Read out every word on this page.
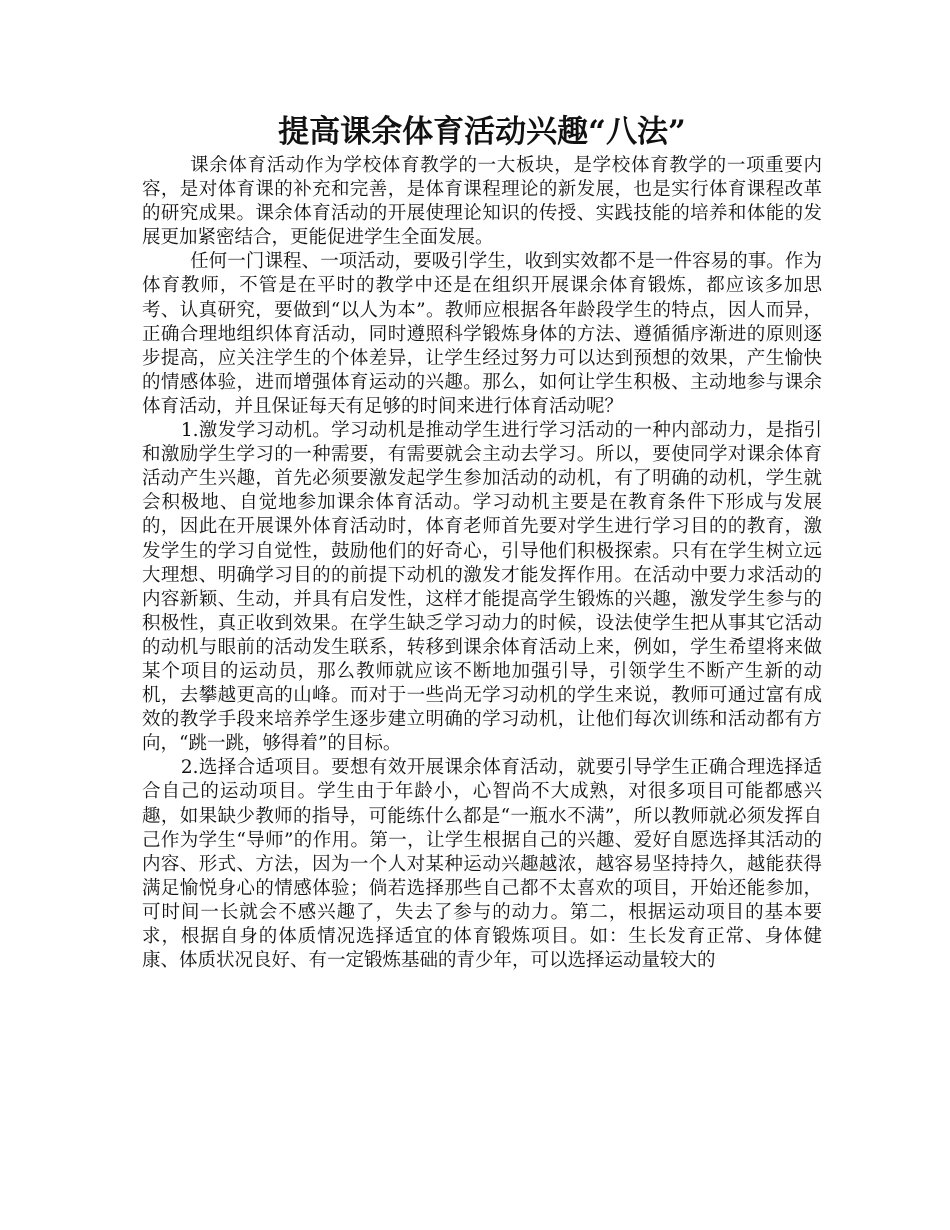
提高课余体育活动兴趣“八法”

课余体育活动作为学校体育教学的一大板块，是学校体育教学的一项重要内容，是对体育课的补充和完善，是体育课程理论的新发展，也是实行体育课程改革的研究成果。课余体育活动的开展使理论知识的传授、实践技能的培养和体能的发展更加紧密结合，更能促进学生全面发展。

任何一门课程、一项活动，要吸引学生，收到实效都不是一件容易的事。作为体育教师，不管是在平时的教学中还是在组织开展课余体育锻炼，都应该多加思考、认真研究，要做到“以人为本”。教师应根据各年龄段学生的特点，因人而异，正确合理地组织体育活动，同时遵照科学锻炼身体的方法、遵循循序渐进的原则逐步提高，应关注学生的个体差异，让学生经过努力可以达到预想的效果，产生愉快的情感体验，进而增强体育运动的兴趣。那么，如何让学生积极、主动地参与课余体育活动，并且保证每天有足够的时间来进行体育活动呢？

1.激发学习动机。学习动机是推动学生进行学习活动的一种内部动力，是指引和激励学生学习的一种需要，有需要就会主动去学习。所以，要使同学对课余体育活动产生兴趣，首先必须要激发起学生参加活动的动机，有了明确的动机，学生就会积极地、自觉地参加课余体育活动。学习动机主要是在教育条件下形成与发展的，因此在开展课外体育活动时，体育老师首先要对学生进行学习目的的教育，激发学生的学习自觉性，鼓励他们的好奇心，引导他们积极探索。只有在学生树立远大理想、明确学习目的的前提下动机的激发才能发挥作用。在活动中要力求活动的内容新颖、生动，并具有启发性，这样才能提高学生锻炼的兴趣，激发学生参与的积极性，真正收到效果。在学生缺乏学习动力的时候，设法使学生把从事其它活动的动机与眼前的活动发生联系，转移到课余体育活动上来，例如，学生希望将来做某个项目的运动员，那么教师就应该不断地加强引导，引领学生不断产生新的动机，去攀越更高的山峰。而对于一些尚无学习动机的学生来说，教师可通过富有成效的教学手段来培养学生逐步建立明确的学习动机，让他们每次训练和活动都有方向，“跳一跳，够得着”的目标。

2.选择合适项目。要想有效开展课余体育活动，就要引导学生正确合理选择适合自己的运动项目。学生由于年龄小，心智尚不大成熟，对很多项目可能都感兴趣，如果缺少教师的指导，可能练什么都是“一瓶水不满”，所以教师就必须发挥自己作为学生“导师”的作用。第一，让学生根据自己的兴趣、爱好自愿选择其活动的内容、形式、方法，因为一个人对某种运动兴趣越浓，越容易坚持持久，越能获得满足愉悦身心的情感体验；倘若选择那些自己都不太喜欢的项目，开始还能参加，可时间一长就会不感兴趣了，失去了参与的动力。第二，根据运动项目的基本要求，根据自身的体质情况选择适宜的体育锻炼项目。如：生长发育正常、身体健康、体质状况良好、有一定锻炼基础的青少年，可以选择运动量较大的
